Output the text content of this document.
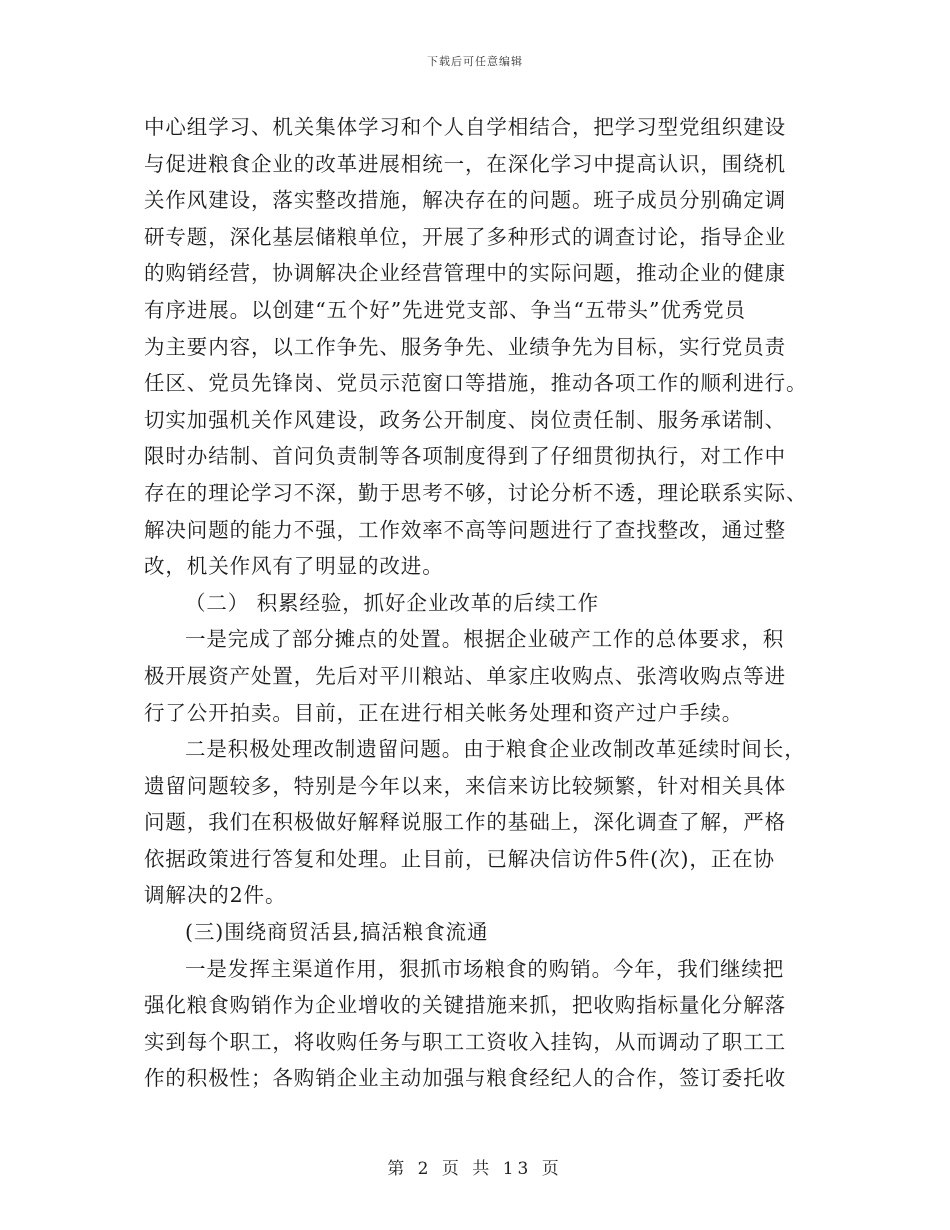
下载后可任意编辑
中心组学习、机关集体学习和个人自学相结合，把学习型党组织建设
与促进粮食企业的改革进展相统一，在深化学习中提高认识，围绕机
关作风建设，落实整改措施，解决存在的问题。班子成员分别确定调
研专题，深化基层储粮单位，开展了多种形式的调查讨论，指导企业
的购销经营，协调解决企业经营管理中的实际问题，推动企业的健康
有序进展。以创建“五个好”先进党支部、争当“五带头”优秀党员
为主要内容，以工作争先、服务争先、业绩争先为目标，实行党员责
任区、党员先锋岗、党员示范窗口等措施，推动各项工作的顺利进行。
切实加强机关作风建设，政务公开制度、岗位责任制、服务承诺制、
限时办结制、首问负责制等各项制度得到了仔细贯彻执行，对工作中
存在的理论学习不深，勤于思考不够，讨论分析不透，理论联系实际、
解决问题的能力不强，工作效率不高等问题进行了查找整改，通过整
改，机关作风有了明显的改进。
（二） 积累经验，抓好企业改革的后续工作
一是完成了部分摊点的处置。根据企业破产工作的总体要求，积
极开展资产处置，先后对平川粮站、单家庄收购点、张湾收购点等进
行了公开拍卖。目前，正在进行相关帐务处理和资产过户手续。
二是积极处理改制遗留问题。由于粮食企业改制改革延续时间长，
遗留问题较多，特别是今年以来，来信来访比较频繁，针对相关具体
问题，我们在积极做好解释说服工作的基础上，深化调查了解，严格
依据政策进行答复和处理。止目前，已解决信访件5件(次)，正在协
调解决的2件。
(三)围绕商贸活县,搞活粮食流通
一是发挥主渠道作用，狠抓市场粮食的购销。今年，我们继续把
强化粮食购销作为企业增收的关键措施来抓，把收购指标量化分解落
实到每个职工，将收购任务与职工工资收入挂钩，从而调动了职工工
作的积极性；各购销企业主动加强与粮食经纪人的合作，签订委托收
第 2 页 共 13 页
